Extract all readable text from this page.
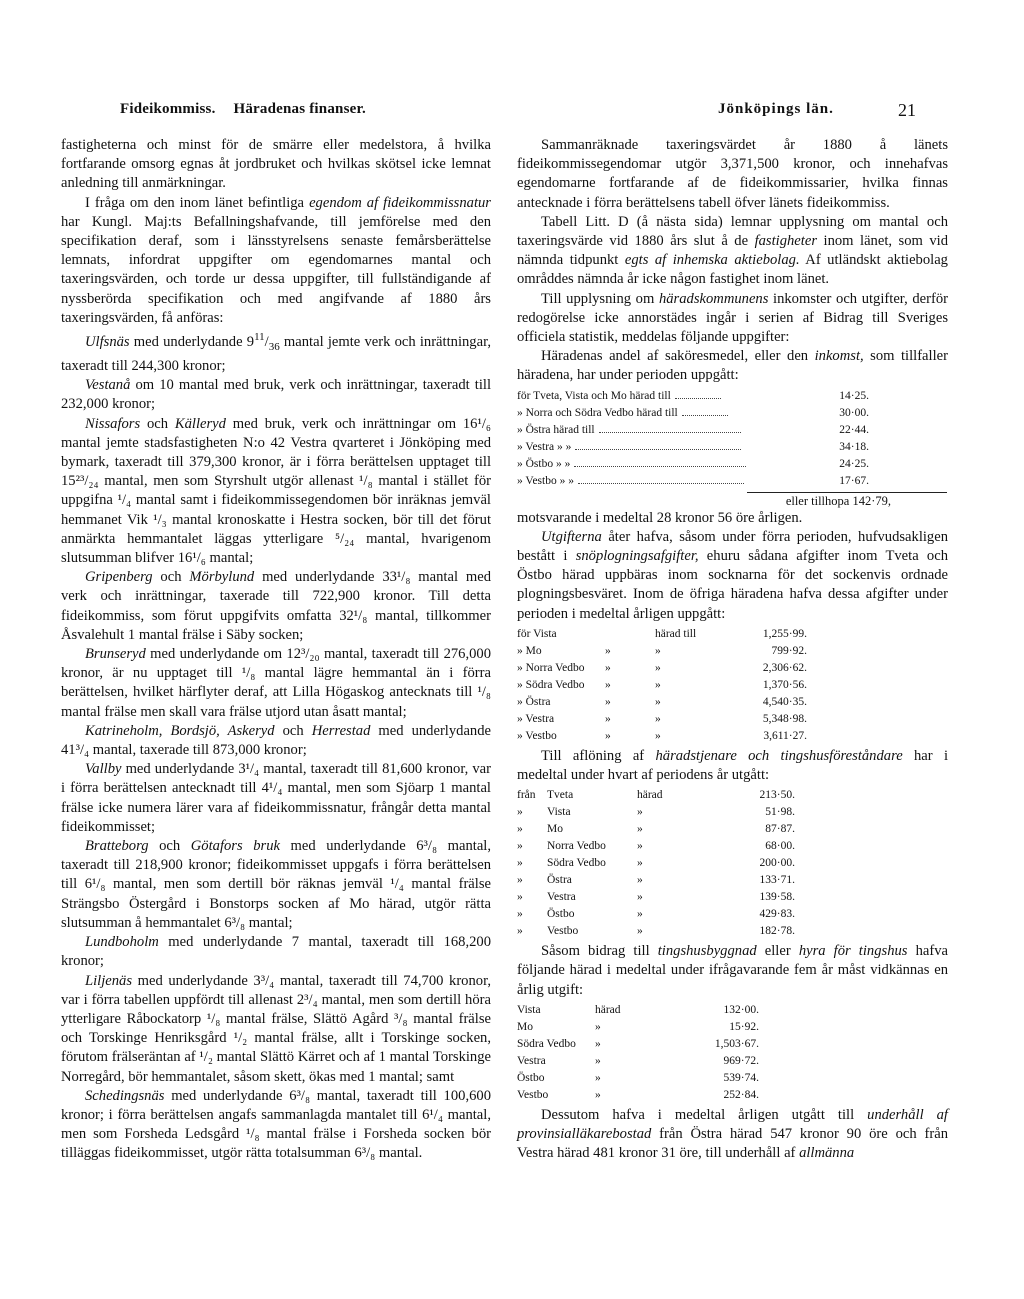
Fideikommiss. Häradenas finanser.	Jönköpings län.	21

fastigheterna och minst för de smärre eller medelstora, å hvilka fortfarande omsorg egnas åt jordbruket och hvilkas skötsel icke lemnat anledning till anmärkningar.

I fråga om den inom länet befintliga egendom af fideikommissnatur har Kungl. Maj:ts Befallningshafvande, till jemförelse med den specifikation deraf, som i länsstyrelsens senaste femårsberättelse lemnats, infordrat uppgifter om egendomarnes mantal och taxeringsvärden, och torde ur dessa uppgifter, till fullständigande af nyssberörda specifikation och med angifvande af 1880 års taxeringsvärden, få anföras:

Ulfsnäs med underlydande $9^{11}/_{36}$ mantal jemte verk och inrättningar, taxeradt till 244,300 kronor;

Vestanå om 10 mantal med bruk, verk och inrättningar, taxeradt till 232,000 kronor;

Nissafors och Källeryd med bruk, verk och inrättningar om 16¹/₆ mantal jemte stadsfastigheten N:o 42 Vestra qvarteret i Jönköping med bymark, taxeradt till 379,300 kronor, är i förra berättelsen upptaget till 15²³/₂₄ mantal, men som Styrshult utgör allenast ¹/₈ mantal i stället för uppgifna ¹/₄ mantal samt i fideikommissegendomen bör inräknas jemväl hemmanet Vik ¹/₃ mantal kronoskatte i Hestra socken, bör till det förut anmärkta hemmantalet läggas ytterligare ⁵/₂₄ mantal, hvarigenom slutsumman blifver 16¹/₆ mantal;

Gripenberg och Mörbylund med underlydande 33¹/₈ mantal med verk och inrättningar, taxerade till 722,900 kronor. Till detta fideikommiss, som förut uppgifvits omfatta 32¹/₈ mantal, tillkommer Åsvalehult 1 mantal frälse i Säby socken;

Brunseryd med underlydande om 12³/₂₀ mantal, taxeradt till 276,000 kronor, är nu upptaget till ¹/₈ mantal lägre hemmantal än i förra berättelsen, hvilket härflyter deraf, att Lilla Högaskog antecknats till ¹/₈ mantal frälse men skall vara frälse utjord utan åsatt mantal;

Katrineholm, Bordsjö, Askeryd och Herrestad med underlydande 41³/₄ mantal, taxerade till 873,000 kronor;

Vallby med underlydande 3¹/₄ mantal, taxeradt till 81,600 kronor, var i förra berättelsen antecknadt till 4¹/₄ mantal, men som Sjöarp 1 mantal frälse icke numera lärer vara af fideikommissnatur, frångår detta mantal fideikommisset;

Bratteborg och Götafors bruk med underlydande 6³/₈ mantal, taxeradt till 218,900 kronor; fideikommisset uppgafs i förra berättelsen till 6¹/₈ mantal, men som dertill bör räknas jemväl ¹/₄ mantal frälse Strängsbo Östergård i Bonstorps socken af Mo härad, utgör rätta slutsumman å hemmantalet 6³/₈ mantal;

Lundboholm med underlydande 7 mantal, taxeradt till 168,200 kronor;

Liljenäs med underlydande 3³/₄ mantal, taxeradt till 74,700 kronor, var i förra tabellen uppfördt till allenast 2³/₄ mantal, men som dertill höra ytterligare Råbockatorp ¹/₈ mantal frälse, Slättö Agård ³/₈ mantal frälse och Torskinge Henriksgård ¹/₂ mantal frälse, allt i Torskinge socken, förutom frälseräntan af ¹/₂ mantal Slättö Kärret och af 1 mantal Torskinge Norregård, bör hemmantalet, såsom skett, ökas med 1 mantal; samt

Schedingsnäs med underlydande 6³/₈ mantal, taxeradt till 100,600 kronor; i förra berättelsen angafs sammanlagda mantalet till 6¹/₄ mantal, men som Forsheda Ledsgård ¹/₈ mantal frälse i Forsheda socken bör tilläggas fideikommisset, utgör rätta totalsumman 6³/₈ mantal.

Sammanräknade taxeringsvärdet år 1880 å länets fideikommissegendomar utgör 3,371,500 kronor, och innehafvas egendomarne fortfarande af de fideikommissarier, hvilka finnas antecknade i förra berättelsens tabell öfver länets fideikommiss.

Tabell Litt. D (å nästa sida) lemnar upplysning om mantal och taxeringsvärde vid 1880 års slut å de fastigheter inom länet, som vid nämnda tidpunkt egts af inhemska aktiebolag. Af utländskt aktiebolag områddes nämnda år icke någon fastighet inom länet.

Till upplysning om häradskommunens inkomster och utgifter, derför redogörelse icke annorstädes ingår i serien af Bidrag till Sveriges officiela statistik, meddelas följande uppgifter:

Häradenas andel af saköresmedel, eller den inkomst, som tillfaller häradena, har under perioden uppgått:

för Tveta, Vista och Mo härad till	14·25.
» Norra och Södra Vedbo härad till	30·00.
» Östra härad till	22·44.
» Vestra » »	34·18.
» Östbo » »	24·25.
» Vestbo » »	17·67.
eller tillhopa 142·79,

motsvarande i medeltal 28 kronor 56 öre årligen.

Utgifterna åter hafva, såsom under förra perioden, hufvudsakligen bestått i snöplogningsafgifter, ehuru sådana afgifter inom Tveta och Östbo härad uppbäras inom socknarna för det sockenvis ordnade plogningsbesväret. Inom de öfriga häradena hafva dessa afgifter under perioden i medeltal årligen uppgått:

för Vista		härad till	1,255·99.
» Mo	»	»	799·92.
» Norra Vedbo	»	»	2,306·62.
» Södra Vedbo	»	»	1,370·56.
» Östra	»	»	4,540·35.
» Vestra	»	»	5,348·98.
» Vestbo	»	»	3,611·27.

Till aflöning af häradstjenare och tingshusföreståndare har i medeltal under hvart af periodens år utgått:

från	Tveta	härad	213·50.
»	Vista	»	51·98.
»	Mo	»	87·87.
»	Norra Vedbo	»	68·00.
»	Södra Vedbo	»	200·00.
»	Östra	»	133·71.
»	Vestra	»	139·58.
»	Östbo	»	429·83.
»	Vestbo	»	182·78.

Såsom bidrag till tingshusbyggnad eller hyra för tingshus hafva följande härad i medeltal under ifrågavarande fem år måst vidkännas en årlig utgift:

Vista	härad	132·00.
Mo	»	15·92.
Södra Vedbo	»	1,503·67.
Vestra	»	969·72.
Östbo	»	539·74.
Vestbo	»	252·84.

Dessutom hafva i medeltal årligen utgått till underhåll af provinsialläkarebostad från Östra härad 547 kronor 90 öre och från Vestra härad 481 kronor 31 öre, till underhåll af allmänna
